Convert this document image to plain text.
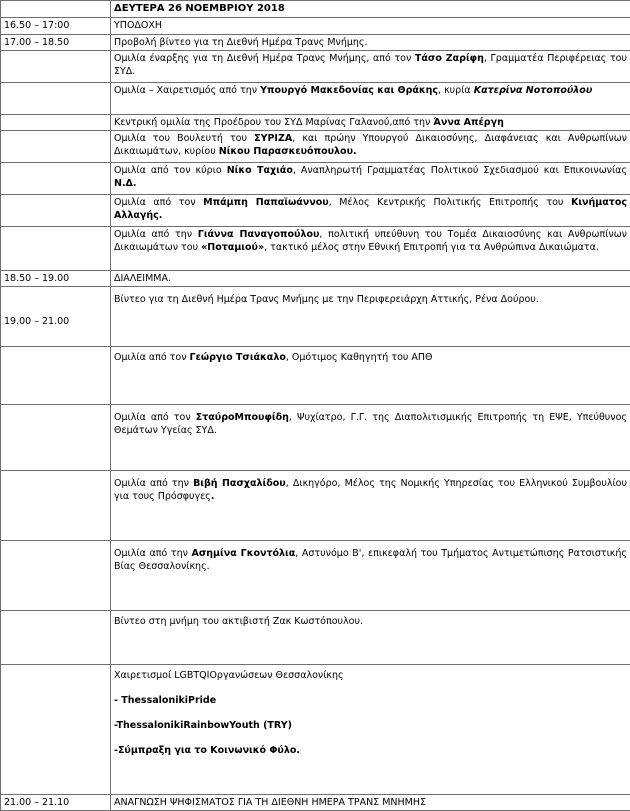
	ΔΕΥΤΕΡΑ 26 ΝΟΕΜΒΡΙΟΥ 2018
16.50 – 17:00	ΥΠΟΔΟΧΗ
17.00 – 18.50	Προβολή βίντεο για τη Διεθνή Ημέρα Τρανς Μνήμης.
	Ομιλία έναρξης για τη Διεθνή Ημέρα Τρανς Μνήμης, από τον Τάσο Ζαρίφη, Γραμματέα Περιφέρειας του ΣΥΔ.
	Ομιλία – Χαιρετισμός από την Υπουργό Μακεδονίας και Θράκης, κυρία Κατερίνα Νοτοπούλου
	Κεντρική ομιλία της Προέδρου του ΣΥΔ Μαρίνας Γαλανού,από την Άννα Απέργη
	Ομιλία του Βουλευτή του ΣΥΡΙΖΑ, και πρώην Υπουργού Δικαιοσύνης, Διαφάνειας και Ανθρωπίνων Δικαιωμάτων, κυρίου Νίκου Παρασκευόπουλου.
	Ομιλία από τον κύριο Νίκο Ταχιάο, Αναπληρωτή Γραμματέας Πολιτικού Σχεδιασμού και Επικοινωνίας Ν.Δ.
	Ομιλία από τον Μπάμπη Παπαϊωάννου, Μέλος Κεντρικής Πολιτικής Επιτροπής του Κινήματος Αλλαγής.
	Ομιλία από την Γιάννα Παναγοπούλου, πολιτική υπεύθυνη του Τομέα Δικαιοσύνης και Ανθρωπίνων Δικαιωμάτων του «Ποταμιού», τακτικό μέλος στην Εθνική Επιτροπή για τα Ανθρώπινα Δικαιώματα.
18.50 – 19.00	ΔΙΑΛΕΙΜΜΑ.
19.00 – 21.00	Βίντεο για τη Διεθνή Ημέρα Τρανς Μνήμης με την Περιφερειάρχη Αττικής, Ρένα Δούρου.
	Ομιλία από τον Γεώργιο Τσιάκαλο, Ομότιμος Καθηγητή του ΑΠΘ
	Ομιλία από τον ΣταύροΜπουφίδη, Ψυχίατρο, Γ.Γ. της Διαπολιτισμικής Επιτροπής τη ΕΨΕ, Υπεύθυνος Θεμάτων Υγείας ΣΥΔ.
	Ομιλία από την Βιβή Πασχαλίδου, Δικηγόρο, Μέλος της Νομικής Υπηρεσίας του Ελληνικού Συμβουλίου για τους Πρόσφυγες.
	Ομιλία από την Ασημίνα Γκοντόλια, Αστυνόμο Β', επικεφαλή του Τμήματος Αντιμετώπισης Ρατσιστικής Βίας Θεσσαλονίκης.
	Βίντεο στη μνήμη του ακτιβιστή Ζακ Κωστόπουλου.

	Χαιρετισμοί LGBTQIΟργανώσεων Θεσσαλονίκης

- ThessalonikiPride

-ThessalonikiRainbowYouth (TRY)

-Σύμπραξη για το Κοινωνικό Φύλο.

21.00 – 21.10	ΑΝΑΓΝΩΣΗ ΨΗΦΙΣΜΑΤΟΣ ΓΙΑ ΤΗ ΔΙΕΘΝΗ ΗΜΕΡΑ ΤΡΑΝΣ ΜΝΗΜΗΣ
